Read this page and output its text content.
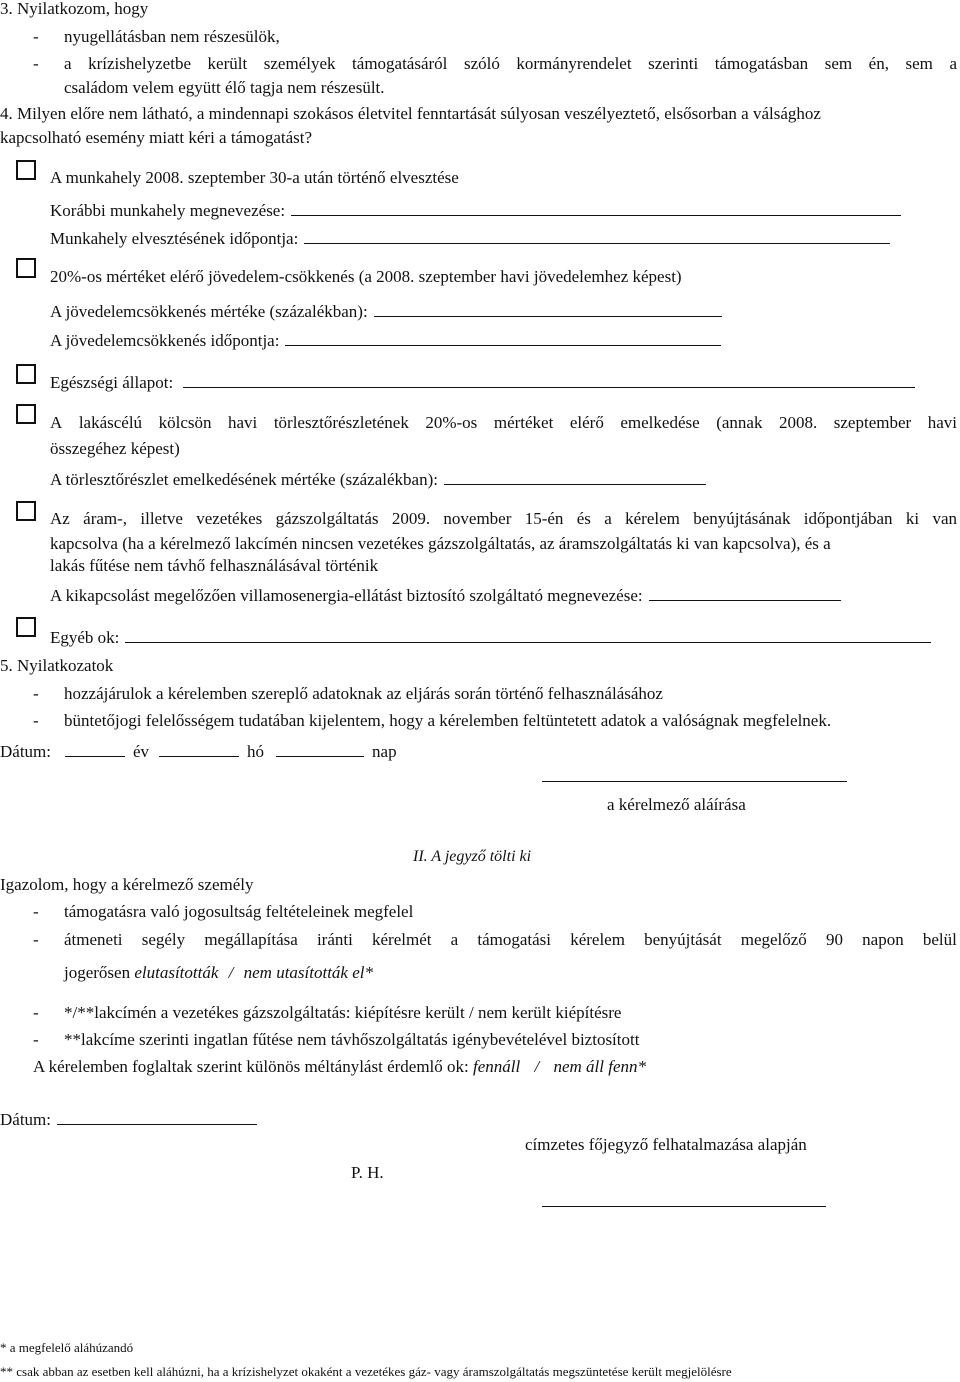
3. Nyilatkozom, hogy
- nyugellátásban nem részesülök,
- a krízishelyzetbe került személyek támogatásáról szóló kormányrendelet szerinti támogatásban sem én, sem a
családom velem együtt élő tagja nem részesült.
4. Milyen előre nem látható, a mindennapi szokásos életvitel fenntartását súlyosan veszélyeztető, elsősorban a válsághoz
kapcsolható esemény miatt kéri a támogatást?
A munkahely 2008. szeptember 30-a után történő elvesztése
Korábbi munkahely megnevezése:
Munkahely elvesztésének időpontja:
20%-os mértéket elérő jövedelem-csökkenés (a 2008. szeptember havi jövedelemhez képest)
A jövedelemcsökkenés mértéke (százalékban):
A jövedelemcsökkenés időpontja:
Egészségi állapot:
A lakáscélú kölcsön havi törlesztőrészletének 20%-os mértéket elérő emelkedése (annak 2008. szeptember havi
összegéhez képest)
A törlesztőrészlet emelkedésének mértéke (százalékban):
Az áram-, illetve vezetékes gázszolgáltatás 2009. november 15-én és a kérelem benyújtásának időpontjában ki van
kapcsolva (ha a kérelmező lakcímén nincsen vezetékes gázszolgáltatás, az áramszolgáltatás ki van kapcsolva), és a
lakás fűtése nem távhő felhasználásával történik
A kikapcsolást megelőzően villamosenergia-ellátást biztosító szolgáltató megnevezése:
Egyéb ok:
5. Nyilatkozatok
- hozzájárulok a kérelemben szereplő adatoknak az eljárás során történő felhasználásához
- büntetőjogi felelősségem tudatában kijelentem, hogy a kérelemben feltüntetett adatok a valóságnak megfelelnek.
Dátum:	év	hó	nap
a kérelmező aláírása
II. A jegyző tölti ki
Igazolom, hogy a kérelmező személy
- támogatásra való jogosultság feltételeinek megfelel
- átmeneti segély megállapítása iránti kérelmét a támogatási kérelem benyújtását megelőző 90 napon belül
jogerősen elutasították / nem utasították el*
- */**lakcímén a vezetékes gázszolgáltatás: kiépítésre került / nem került kiépítésre
- **lakcíme szerinti ingatlan fűtése nem távhőszolgáltatás igénybevételével biztosított
A kérelemben foglaltak szerint különös méltánylást érdemlő ok: fennáll / nem áll fenn*
Dátum:
címzetes főjegyző felhatalmazása alapján
P. H.
* a megfelelő aláhúzandó
** csak abban az esetben kell aláhúzni, ha a krízishelyzet okaként a vezetékes gáz- vagy áramszolgáltatás megszüntetése került megjelölésre
